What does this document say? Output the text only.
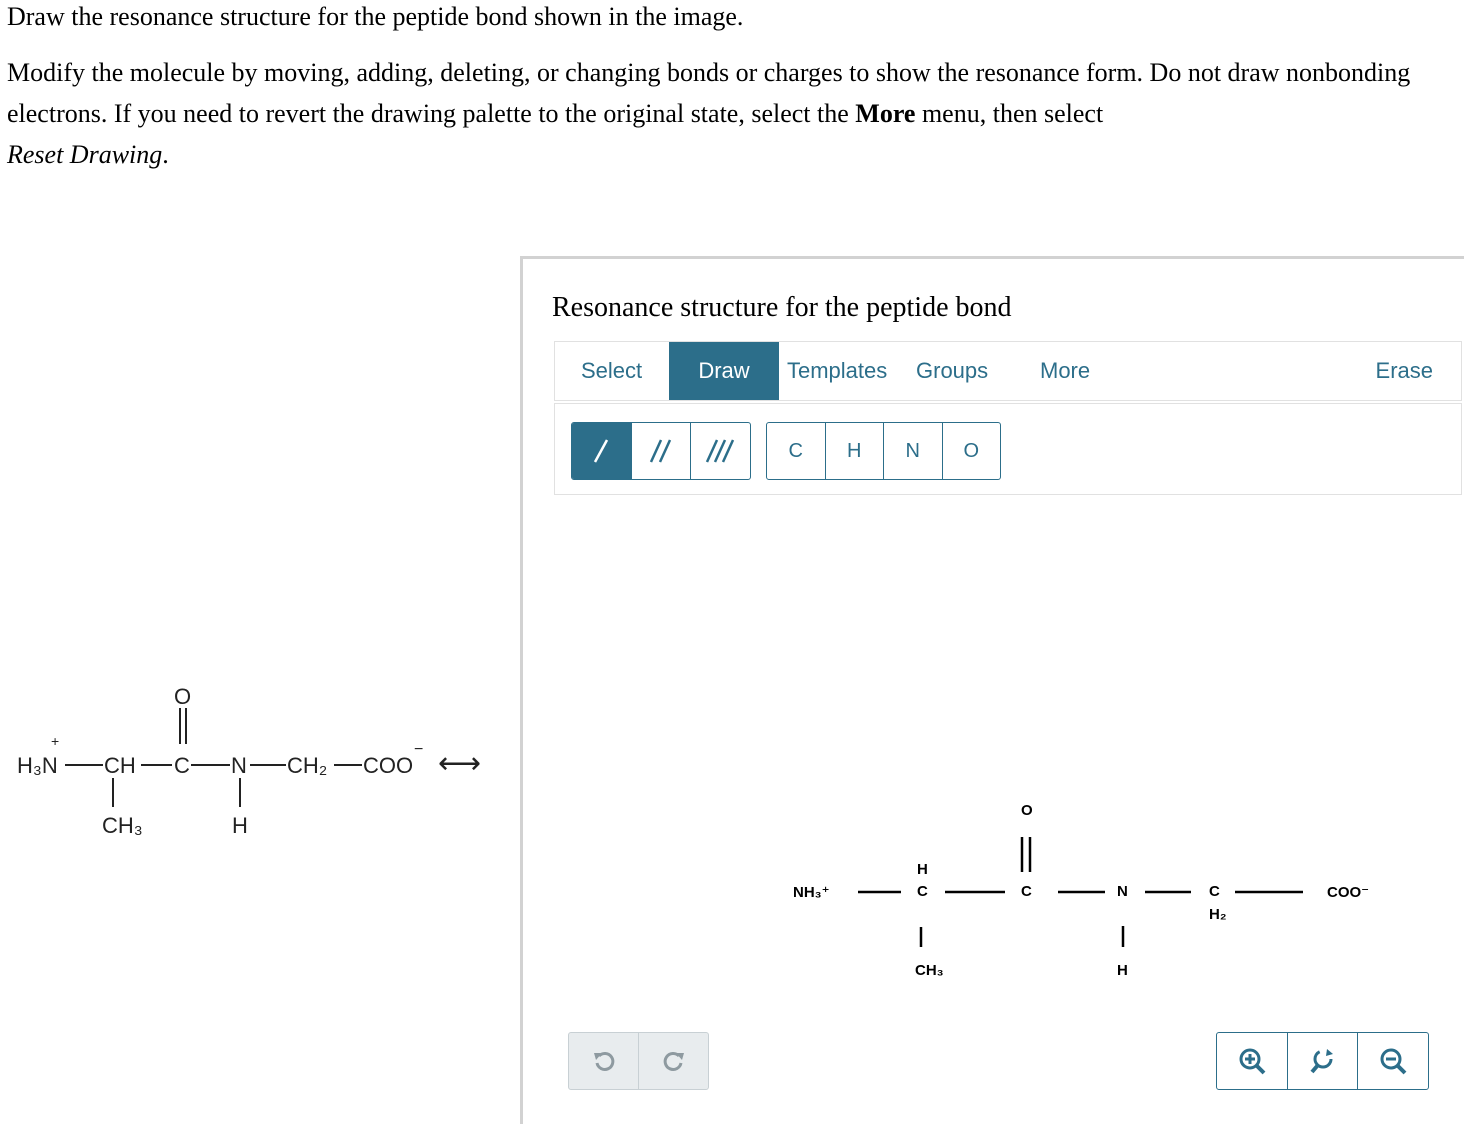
Draw the resonance structure for the peptide bond shown in the image.

Modify the molecule by moving, adding, deleting, or changing bonds or charges to show the resonance form. Do not draw nonbonding electrons. If you need to revert the drawing palette to the original state, select the More menu, then select
Reset Drawing.

+
H₃N CH C
O
N
H
CH₂ COO
−
CH₃
⟷
Resonance structure for the peptide bond
Select	Draw	Templates Groups More	Erase
C	H	N	O
NH₃⁺
H
C
CH₃
C
O
N
H
C
H₂
COO⁻
